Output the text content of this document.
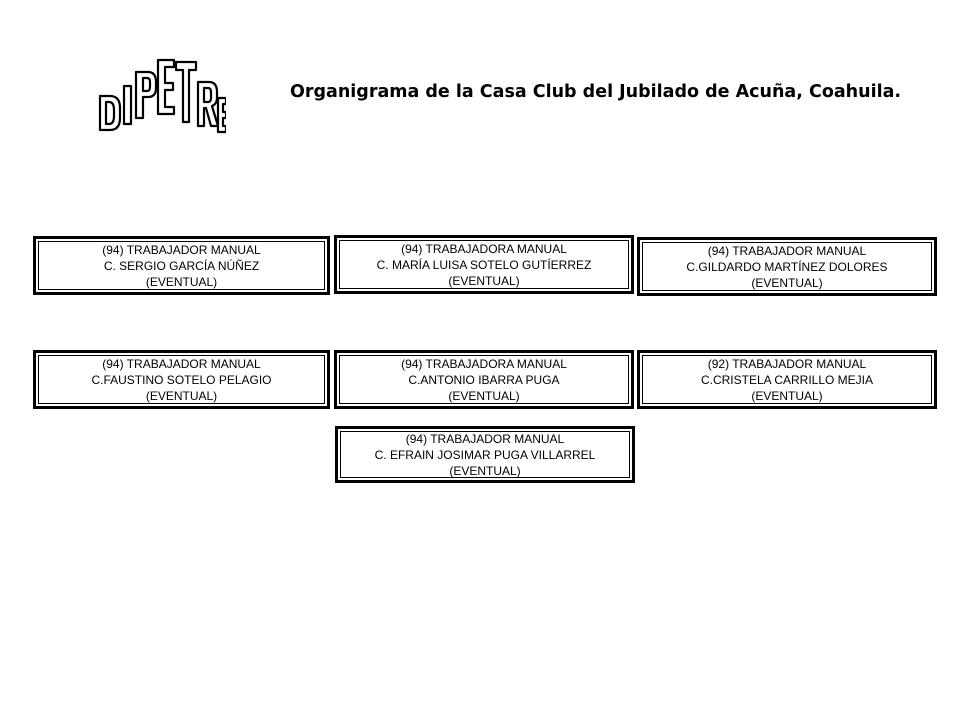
Organigrama de la Casa Club del Jubilado de Acuña, Coahuila.
(94) TRABAJADOR MANUAL
C. SERGIO GARCÍA NÚÑEZ
(EVENTUAL)
(94) TRABAJADORA MANUAL
C. MARÍA LUISA SOTELO GUTÍERREZ
(EVENTUAL)
(94) TRABAJADOR MANUAL
C.GILDARDO MARTÍNEZ DOLORES
(EVENTUAL)
(94) TRABAJADOR MANUAL
C.FAUSTINO SOTELO PELAGIO
(EVENTUAL)
(94) TRABAJADORA MANUAL
C.ANTONIO IBARRA PUGA
(EVENTUAL)
(92) TRABAJADOR MANUAL
C.CRISTELA CARRILLO MEJIA
(EVENTUAL)
(94) TRABAJADOR MANUAL
C. EFRAIN JOSIMAR PUGA VILLARREL
(EVENTUAL)
